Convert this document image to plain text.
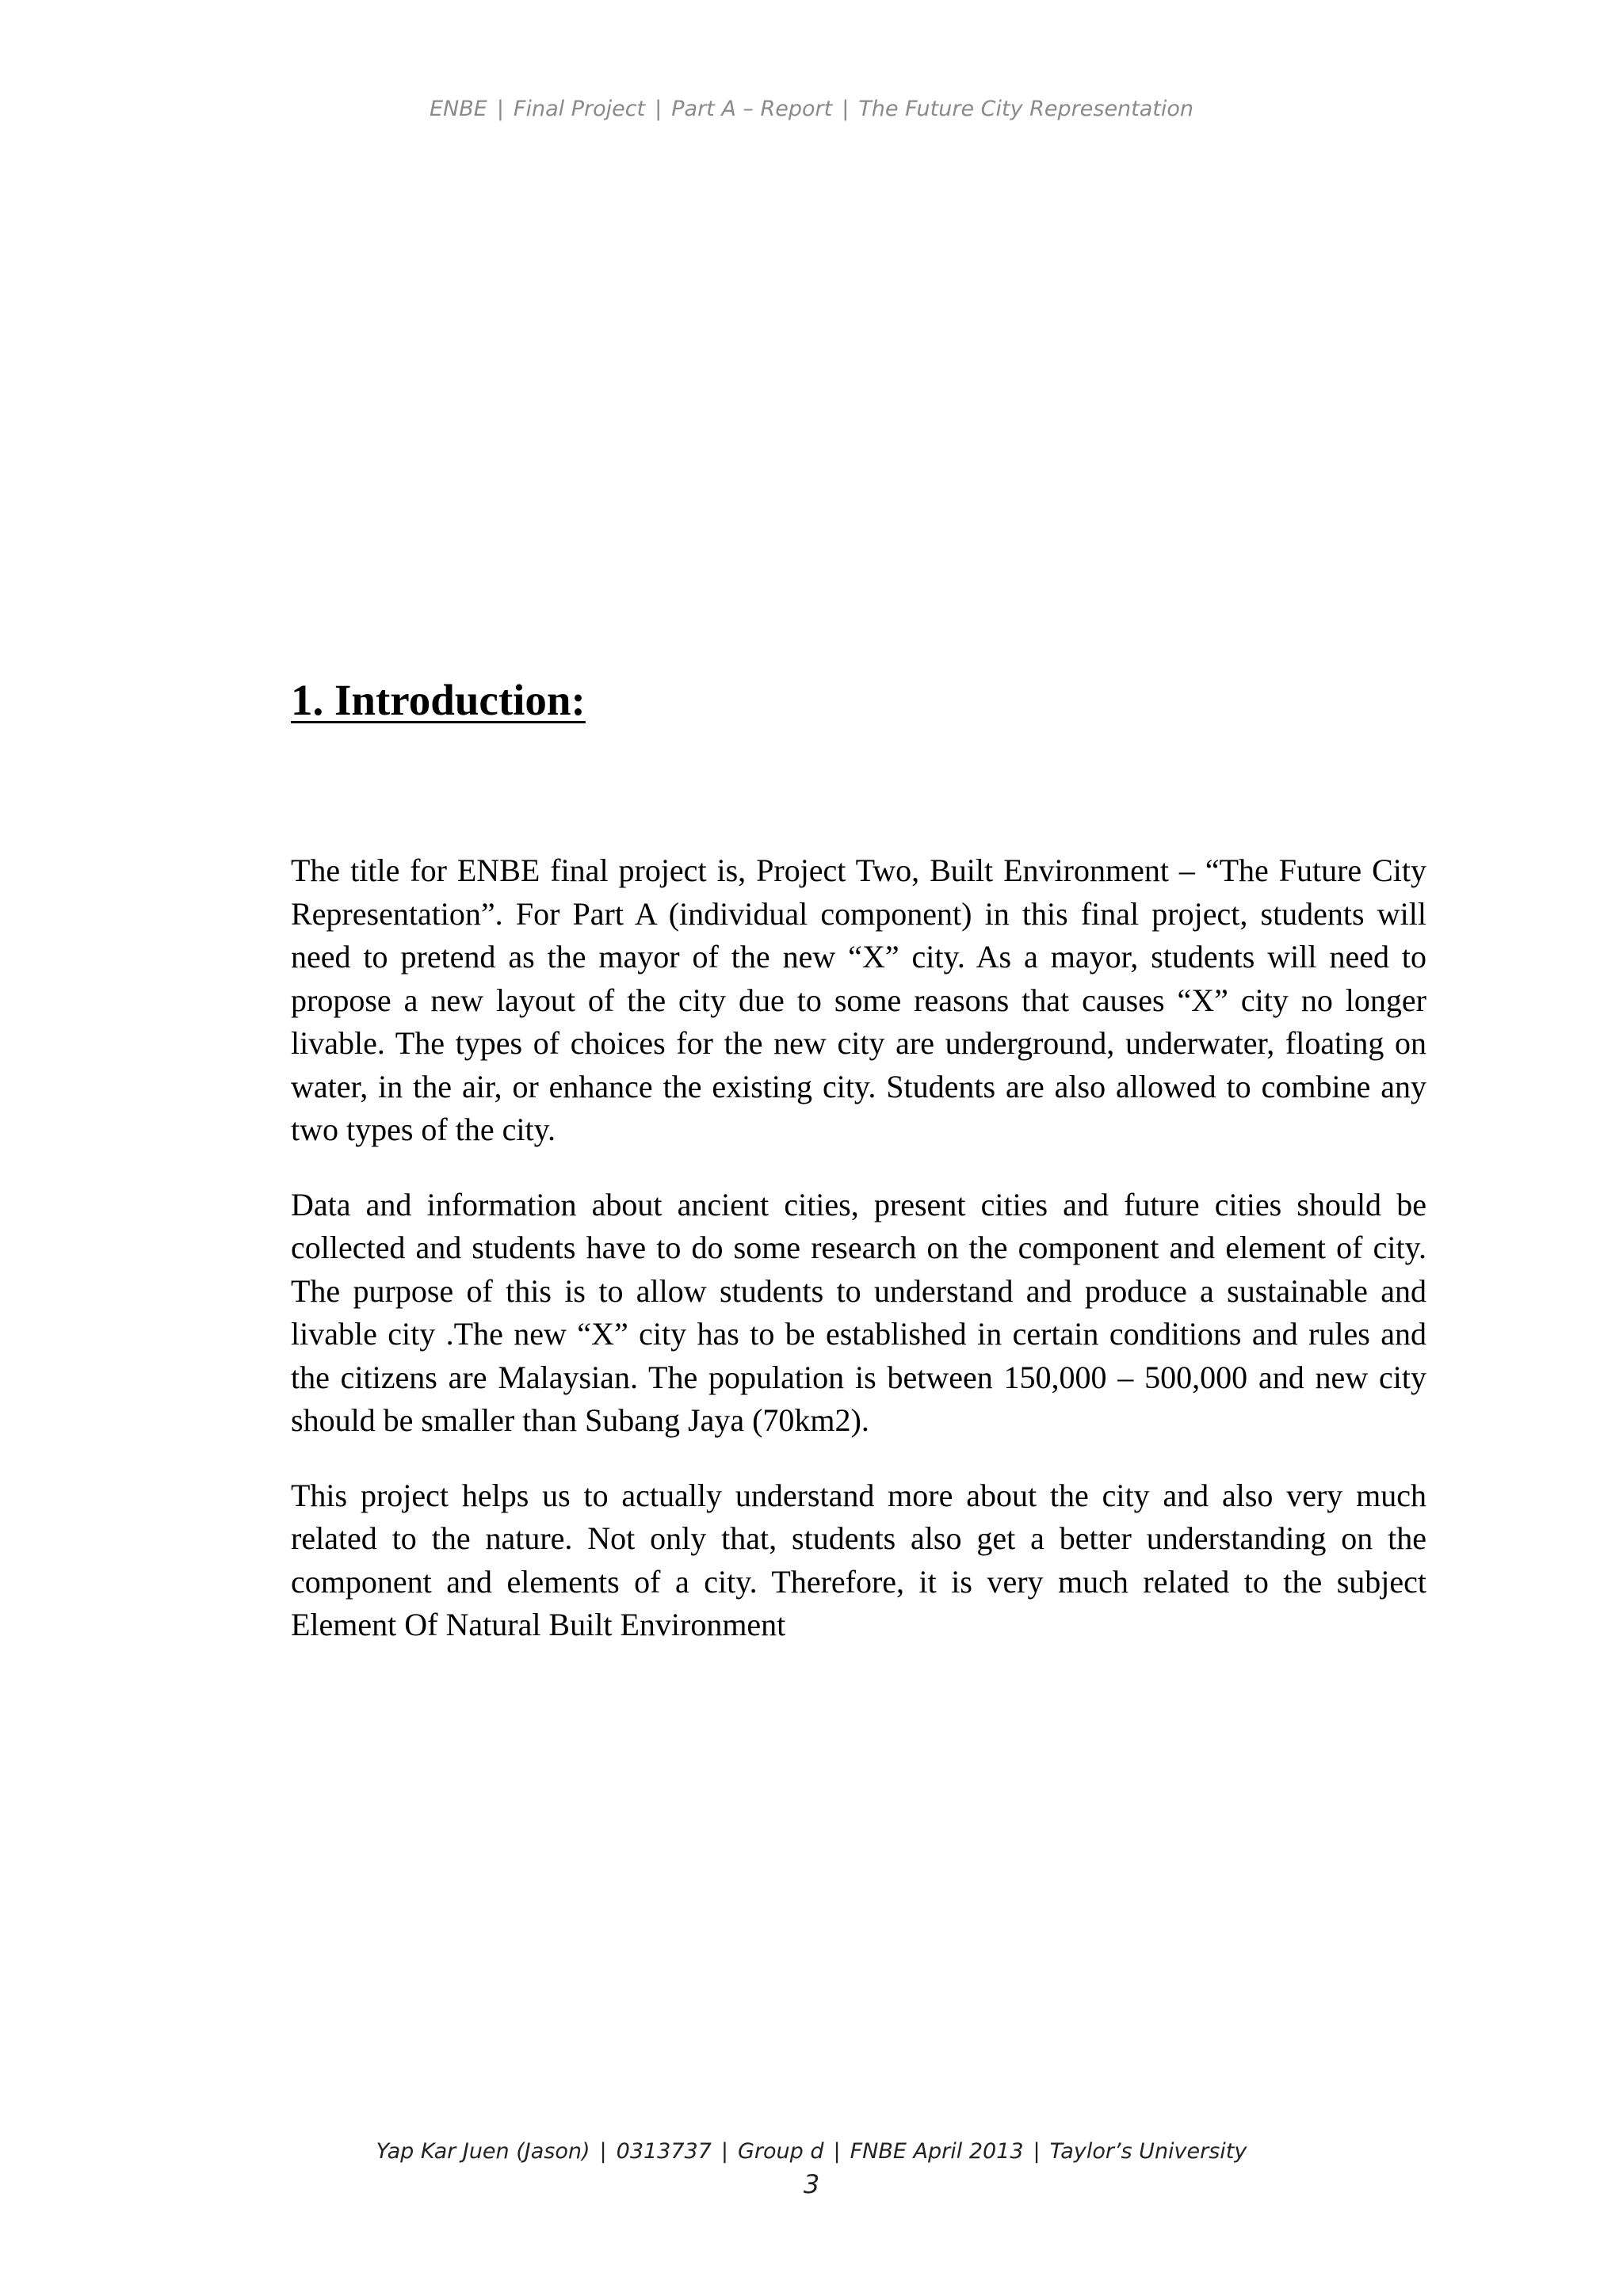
ENBE | Final Project | Part A – Report | The Future City Representation
1. Introduction:

The title for ENBE final project is, Project Two, Built Environment – “The Future City Representation”. For Part A (individual component) in this final project, students will need to pretend as the mayor of the new “X” city. As a mayor, students will need to propose a new layout of the city due to some reasons that causes “X” city no longer livable. The types of choices for the new city are underground, underwater, floating on water, in the air, or enhance the existing city. Students are also allowed to combine any two types of the city.

Data and information about ancient cities, present cities and future cities should be collected and students have to do some research on the component and element of city. The purpose of this is to allow students to understand and produce a sustainable and livable city .The new “X” city has to be established in certain conditions and rules and the citizens are Malaysian. The population is between 150,000 – 500,000 and new city should be smaller than Subang Jaya (70km2).

This project helps us to actually understand more about the city and also very much related to the nature. Not only that, students also get a better understanding on the component and elements of a city. Therefore, it is very much related to the subject Element Of Natural Built Environment

Yap Kar Juen (Jason) | 0313737 | Group d | FNBE April 2013 | Taylor’s University
3
